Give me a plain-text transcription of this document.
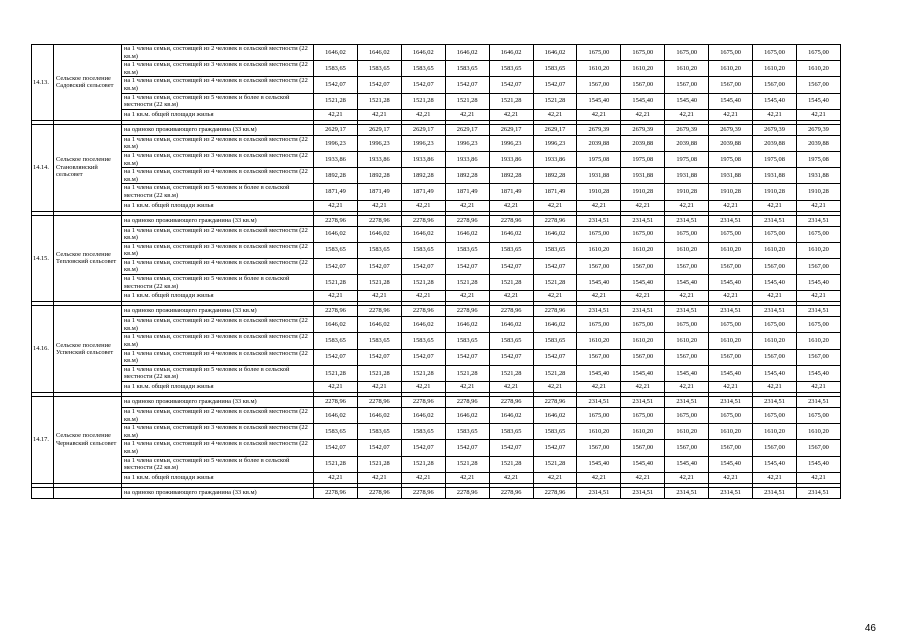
14.13.	Сельское поселение Садовский сельсовет	на 1 члена семьи, состоящей из 2 человек в сельской местности (22 кв.м)	1646,02	1646,02	1646,02	1646,02	1646,02	1646,02	1675,00	1675,00	1675,00	1675,00	1675,00	1675,00
		на 1 члена семьи, состоящей из 3 человек в сельской местности (22 кв.м)	1583,65	1583,65	1583,65	1583,65	1583,65	1583,65	1610,20	1610,20	1610,20	1610,20	1610,20	1610,20
		на 1 члена семьи, состоящей из 4 человек в сельской местности (22 кв.м)	1542,07	1542,07	1542,07	1542,07	1542,07	1542,07	1567,00	1567,00	1567,00	1567,00	1567,00	1567,00
		на 1 члена семьи, состоящей из 5 человек и более в сельской местности (22 кв.м)	1521,28	1521,28	1521,28	1521,28	1521,28	1521,28	1545,40	1545,40	1545,40	1545,40	1545,40	1545,40
		на 1 кв.м. общей площади жилья	42,21	42,21	42,21	42,21	42,21	42,21	42,21	42,21	42,21	42,21	42,21	42,21

14.14.	Сельское поселение Становлянский сельсовет	на одиноко проживающего гражданина (33 кв.м)	2629,17	2629,17	2629,17	2629,17	2629,17	2629,17	2679,39	2679,39	2679,39	2679,39	2679,39	2679,39
		на 1 члена семьи, состоящей из 2 человек в сельской местности (22 кв.м)	1996,23	1996,23	1996,23	1996,23	1996,23	1996,23	2039,88	2039,88	2039,88	2039,88	2039,88	2039,88
		на 1 члена семьи, состоящей из 3 человек в сельской местности (22 кв.м)	1933,86	1933,86	1933,86	1933,86	1933,86	1933,86	1975,08	1975,08	1975,08	1975,08	1975,08	1975,08
		на 1 члена семьи, состоящей из 4 человек в сельской местности (22 кв.м)	1892,28	1892,28	1892,28	1892,28	1892,28	1892,28	1931,88	1931,88	1931,88	1931,88	1931,88	1931,88
		на 1 члена семьи, состоящей из 5 человек и более в сельской местности (22 кв.м)	1871,49	1871,49	1871,49	1871,49	1871,49	1871,49	1910,28	1910,28	1910,28	1910,28	1910,28	1910,28
		на 1 кв.м. общей площади жилья	42,21	42,21	42,21	42,21	42,21	42,21	42,21	42,21	42,21	42,21	42,21	42,21

14.15.	Сельское поселение Тепловский сельсовет	на одиноко проживающего гражданина (33 кв.м)	2278,96	2278,96	2278,96	2278,96	2278,96	2278,96	2314,51	2314,51	2314,51	2314,51	2314,51	2314,51
		на 1 члена семьи, состоящей из 2 человек в сельской местности (22 кв.м)	1646,02	1646,02	1646,02	1646,02	1646,02	1646,02	1675,00	1675,00	1675,00	1675,00	1675,00	1675,00
		на 1 члена семьи, состоящей из 3 человек в сельской местности (22 кв.м)	1583,65	1583,65	1583,65	1583,65	1583,65	1583,65	1610,20	1610,20	1610,20	1610,20	1610,20	1610,20
		на 1 члена семьи, состоящей из 4 человек в сельской местности (22 кв.м)	1542,07	1542,07	1542,07	1542,07	1542,07	1542,07	1567,00	1567,00	1567,00	1567,00	1567,00	1567,00
		на 1 члена семьи, состоящей из 5 человек и более в сельской местности (22 кв.м)	1521,28	1521,28	1521,28	1521,28	1521,28	1521,28	1545,40	1545,40	1545,40	1545,40	1545,40	1545,40
		на 1 кв.м. общей площади жилья	42,21	42,21	42,21	42,21	42,21	42,21	42,21	42,21	42,21	42,21	42,21	42,21

14.16.	Сельское поселение Успенский сельсовет	на одиноко проживающего гражданина (33 кв.м)	2278,96	2278,96	2278,96	2278,96	2278,96	2278,96	2314,51	2314,51	2314,51	2314,51	2314,51	2314,51
		на 1 члена семьи, состоящей из 2 человек в сельской местности (22 кв.м)	1646,02	1646,02	1646,02	1646,02	1646,02	1646,02	1675,00	1675,00	1675,00	1675,00	1675,00	1675,00
		на 1 члена семьи, состоящей из 3 человек в сельской местности (22 кв.м)	1583,65	1583,65	1583,65	1583,65	1583,65	1583,65	1610,20	1610,20	1610,20	1610,20	1610,20	1610,20
		на 1 члена семьи, состоящей из 4 человек в сельской местности (22 кв.м)	1542,07	1542,07	1542,07	1542,07	1542,07	1542,07	1567,00	1567,00	1567,00	1567,00	1567,00	1567,00
		на 1 члена семьи, состоящей из 5 человек и более в сельской местности (22 кв.м)	1521,28	1521,28	1521,28	1521,28	1521,28	1521,28	1545,40	1545,40	1545,40	1545,40	1545,40	1545,40
		на 1 кв.м. общей площади жилья	42,21	42,21	42,21	42,21	42,21	42,21	42,21	42,21	42,21	42,21	42,21	42,21

14.17.	Сельское поселение Чернавский сельсовет	на одиноко проживающего гражданина (33 кв.м)	2278,96	2278,96	2278,96	2278,96	2278,96	2278,96	2314,51	2314,51	2314,51	2314,51	2314,51	2314,51
		на 1 члена семьи, состоящей из 2 человек в сельской местности (22 кв.м)	1646,02	1646,02	1646,02	1646,02	1646,02	1646,02	1675,00	1675,00	1675,00	1675,00	1675,00	1675,00
		на 1 члена семьи, состоящей из 3 человек в сельской местности (22 кв.м)	1583,65	1583,65	1583,65	1583,65	1583,65	1583,65	1610,20	1610,20	1610,20	1610,20	1610,20	1610,20
		на 1 члена семьи, состоящей из 4 человек в сельской местности (22 кв.м)	1542,07	1542,07	1542,07	1542,07	1542,07	1542,07	1567,00	1567,00	1567,00	1567,00	1567,00	1567,00
		на 1 члена семьи, состоящей из 5 человек и более в сельской местности (22 кв.м)	1521,28	1521,28	1521,28	1521,28	1521,28	1521,28	1545,40	1545,40	1545,40	1545,40	1545,40	1545,40
		на 1 кв.м. общей площади жилья	42,21	42,21	42,21	42,21	42,21	42,21	42,21	42,21	42,21	42,21	42,21	42,21

		на одиноко проживающего гражданина (33 кв.м)	2278,96	2278,96	2278,96	2278,96	2278,96	2278,96	2314,51	2314,51	2314,51	2314,51	2314,51	2314,51
46
